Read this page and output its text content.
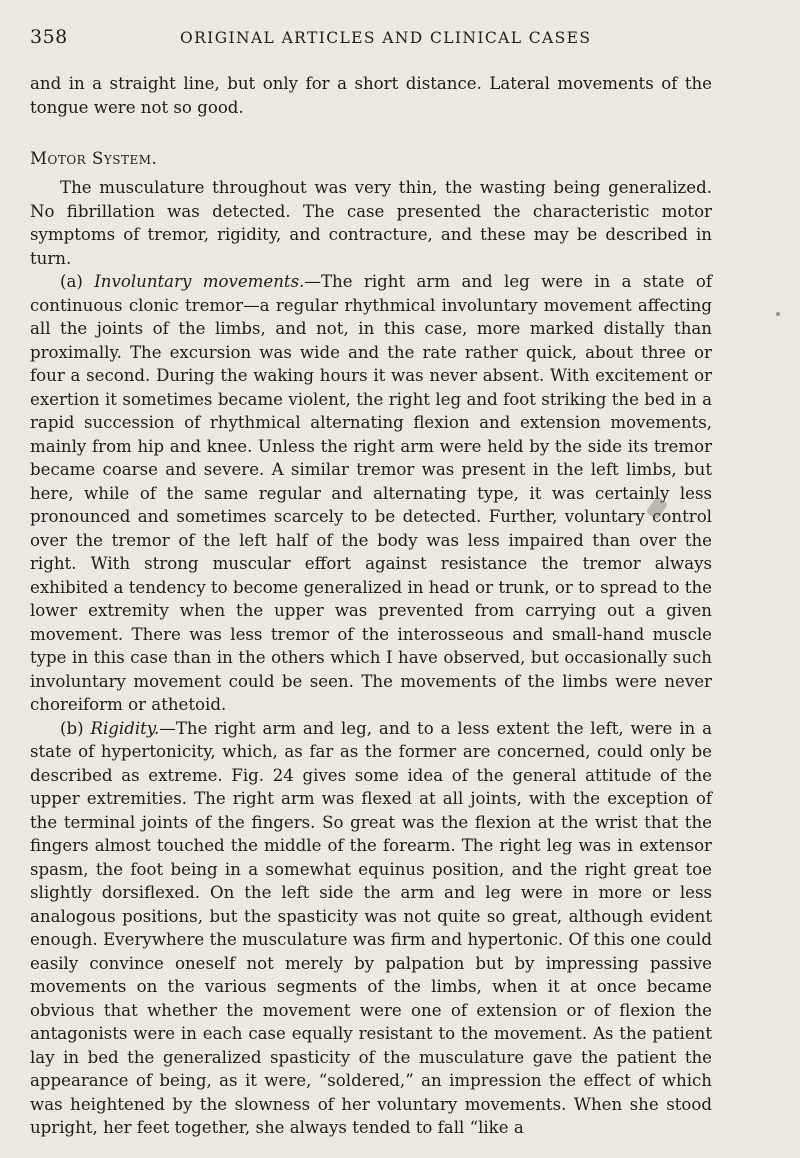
358	ORIGINAL ARTICLES AND CLINICAL CASES

and in a straight line, but only for a short distance. Lateral movements of the tongue were not so good.

Motor System.

The musculature throughout was very thin, the wasting being generalized. No fibrillation was detected. The case presented the characteristic motor symptoms of tremor, rigidity, and contracture, and these may be described in turn.

(a) Involuntary movements.—The right arm and leg were in a state of continuous clonic tremor—a regular rhythmical involuntary movement affecting all the joints of the limbs, and not, in this case, more marked distally than proximally. The excursion was wide and the rate rather quick, about three or four a second. During the waking hours it was never absent. With excitement or exertion it sometimes became violent, the right leg and foot striking the bed in a rapid succession of rhythmical alternating flexion and extension movements, mainly from hip and knee. Unless the right arm were held by the side its tremor became coarse and severe. A similar tremor was present in the left limbs, but here, while of the same regular and alternating type, it was certainly less pronounced and sometimes scarcely to be detected. Further, voluntary control over the tremor of the left half of the body was less impaired than over the right. With strong muscular effort against resistance the tremor always exhibited a tendency to become generalized in head or trunk, or to spread to the lower extremity when the upper was prevented from carrying out a given movement. There was less tremor of the interosseous and small-hand muscle type in this case than in the others which I have observed, but occasionally such involuntary movement could be seen. The movements of the limbs were never choreiform or athetoid.

(b) Rigidity.—The right arm and leg, and to a less extent the left, were in a state of hypertonicity, which, as far as the former are concerned, could only be described as extreme. Fig. 24 gives some idea of the general attitude of the upper extremities. The right arm was flexed at all joints, with the exception of the terminal joints of the fingers. So great was the flexion at the wrist that the fingers almost touched the middle of the forearm. The right leg was in extensor spasm, the foot being in a somewhat equinus position, and the right great toe slightly dorsiflexed. On the left side the arm and leg were in more or less analogous positions, but the spasticity was not quite so great, although evident enough. Everywhere the musculature was firm and hypertonic. Of this one could easily convince oneself not merely by palpation but by impressing passive movements on the various segments of the limbs, when it at once became obvious that whether the movement were one of extension or of flexion the antagonists were in each case equally resistant to the movement. As the patient lay in bed the generalized spasticity of the musculature gave the patient the appearance of being, as it were, “soldered,” an impression the effect of which was heightened by the slowness of her voluntary movements. When she stood upright, her feet together, she always tended to fall “like a
